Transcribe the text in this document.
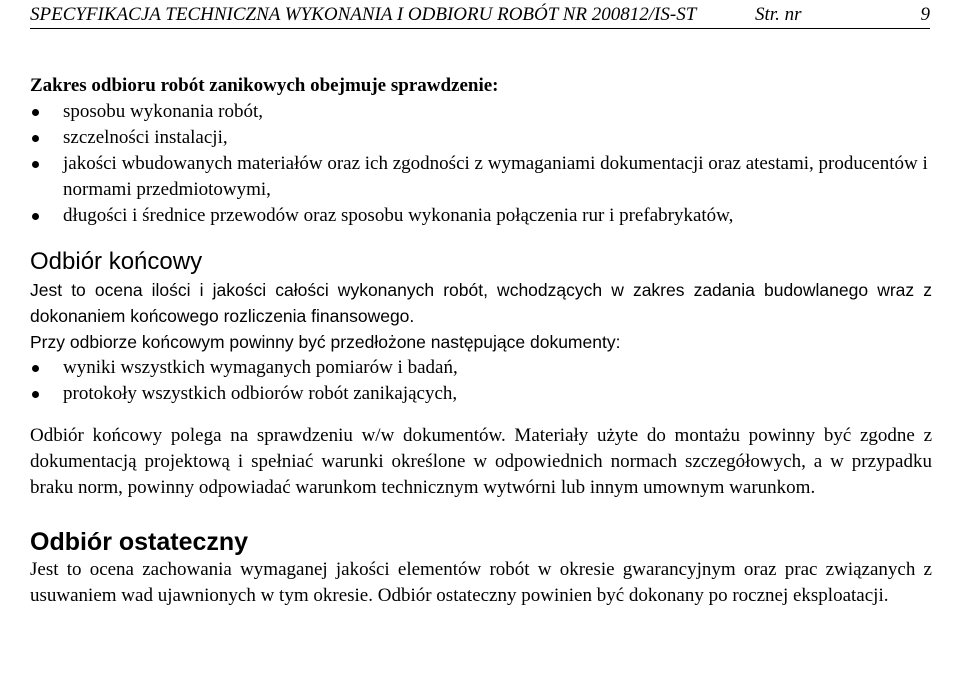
SPECYFIKACJA TECHNICZNA WYKONANIA I ODBIORU ROBÓT NR 200812/IS-ST	Str. nr	9

Zakres odbioru robót zanikowych obejmuje sprawdzenie:

sposobu wykonania robót,
szczelności instalacji,
jakości wbudowanych materiałów oraz ich zgodności z wymaganiami dokumentacji oraz atestami, producentów i normami przedmiotowymi,
długości i średnice przewodów oraz sposobu wykonania połączenia rur i prefabrykatów,
Odbiór końcowy

Jest to ocena ilości i jakości całości wykonanych robót, wchodzących w zakres zadania budowlanego wraz z dokonaniem końcowego rozliczenia finansowego.

Przy odbiorze końcowym powinny być przedłożone następujące dokumenty:

wyniki wszystkich wymaganych pomiarów i badań,
protokoły wszystkich odbiorów robót zanikających,

Odbiór końcowy polega na sprawdzeniu w/w dokumentów. Materiały użyte do montażu powinny być zgodne z dokumentacją projektową i spełniać warunki określone w odpowiednich normach szczegółowych, a w przypadku braku norm, powinny odpowiadać warunkom technicznym wytwórni lub innym umownym warunkom.

Odbiór ostateczny

Jest to ocena zachowania wymaganej jakości elementów robót w okresie gwarancyjnym oraz prac związanych z usuwaniem wad ujawnionych w tym okresie. Odbiór ostateczny powinien być dokonany po rocznej eksploatacji.
